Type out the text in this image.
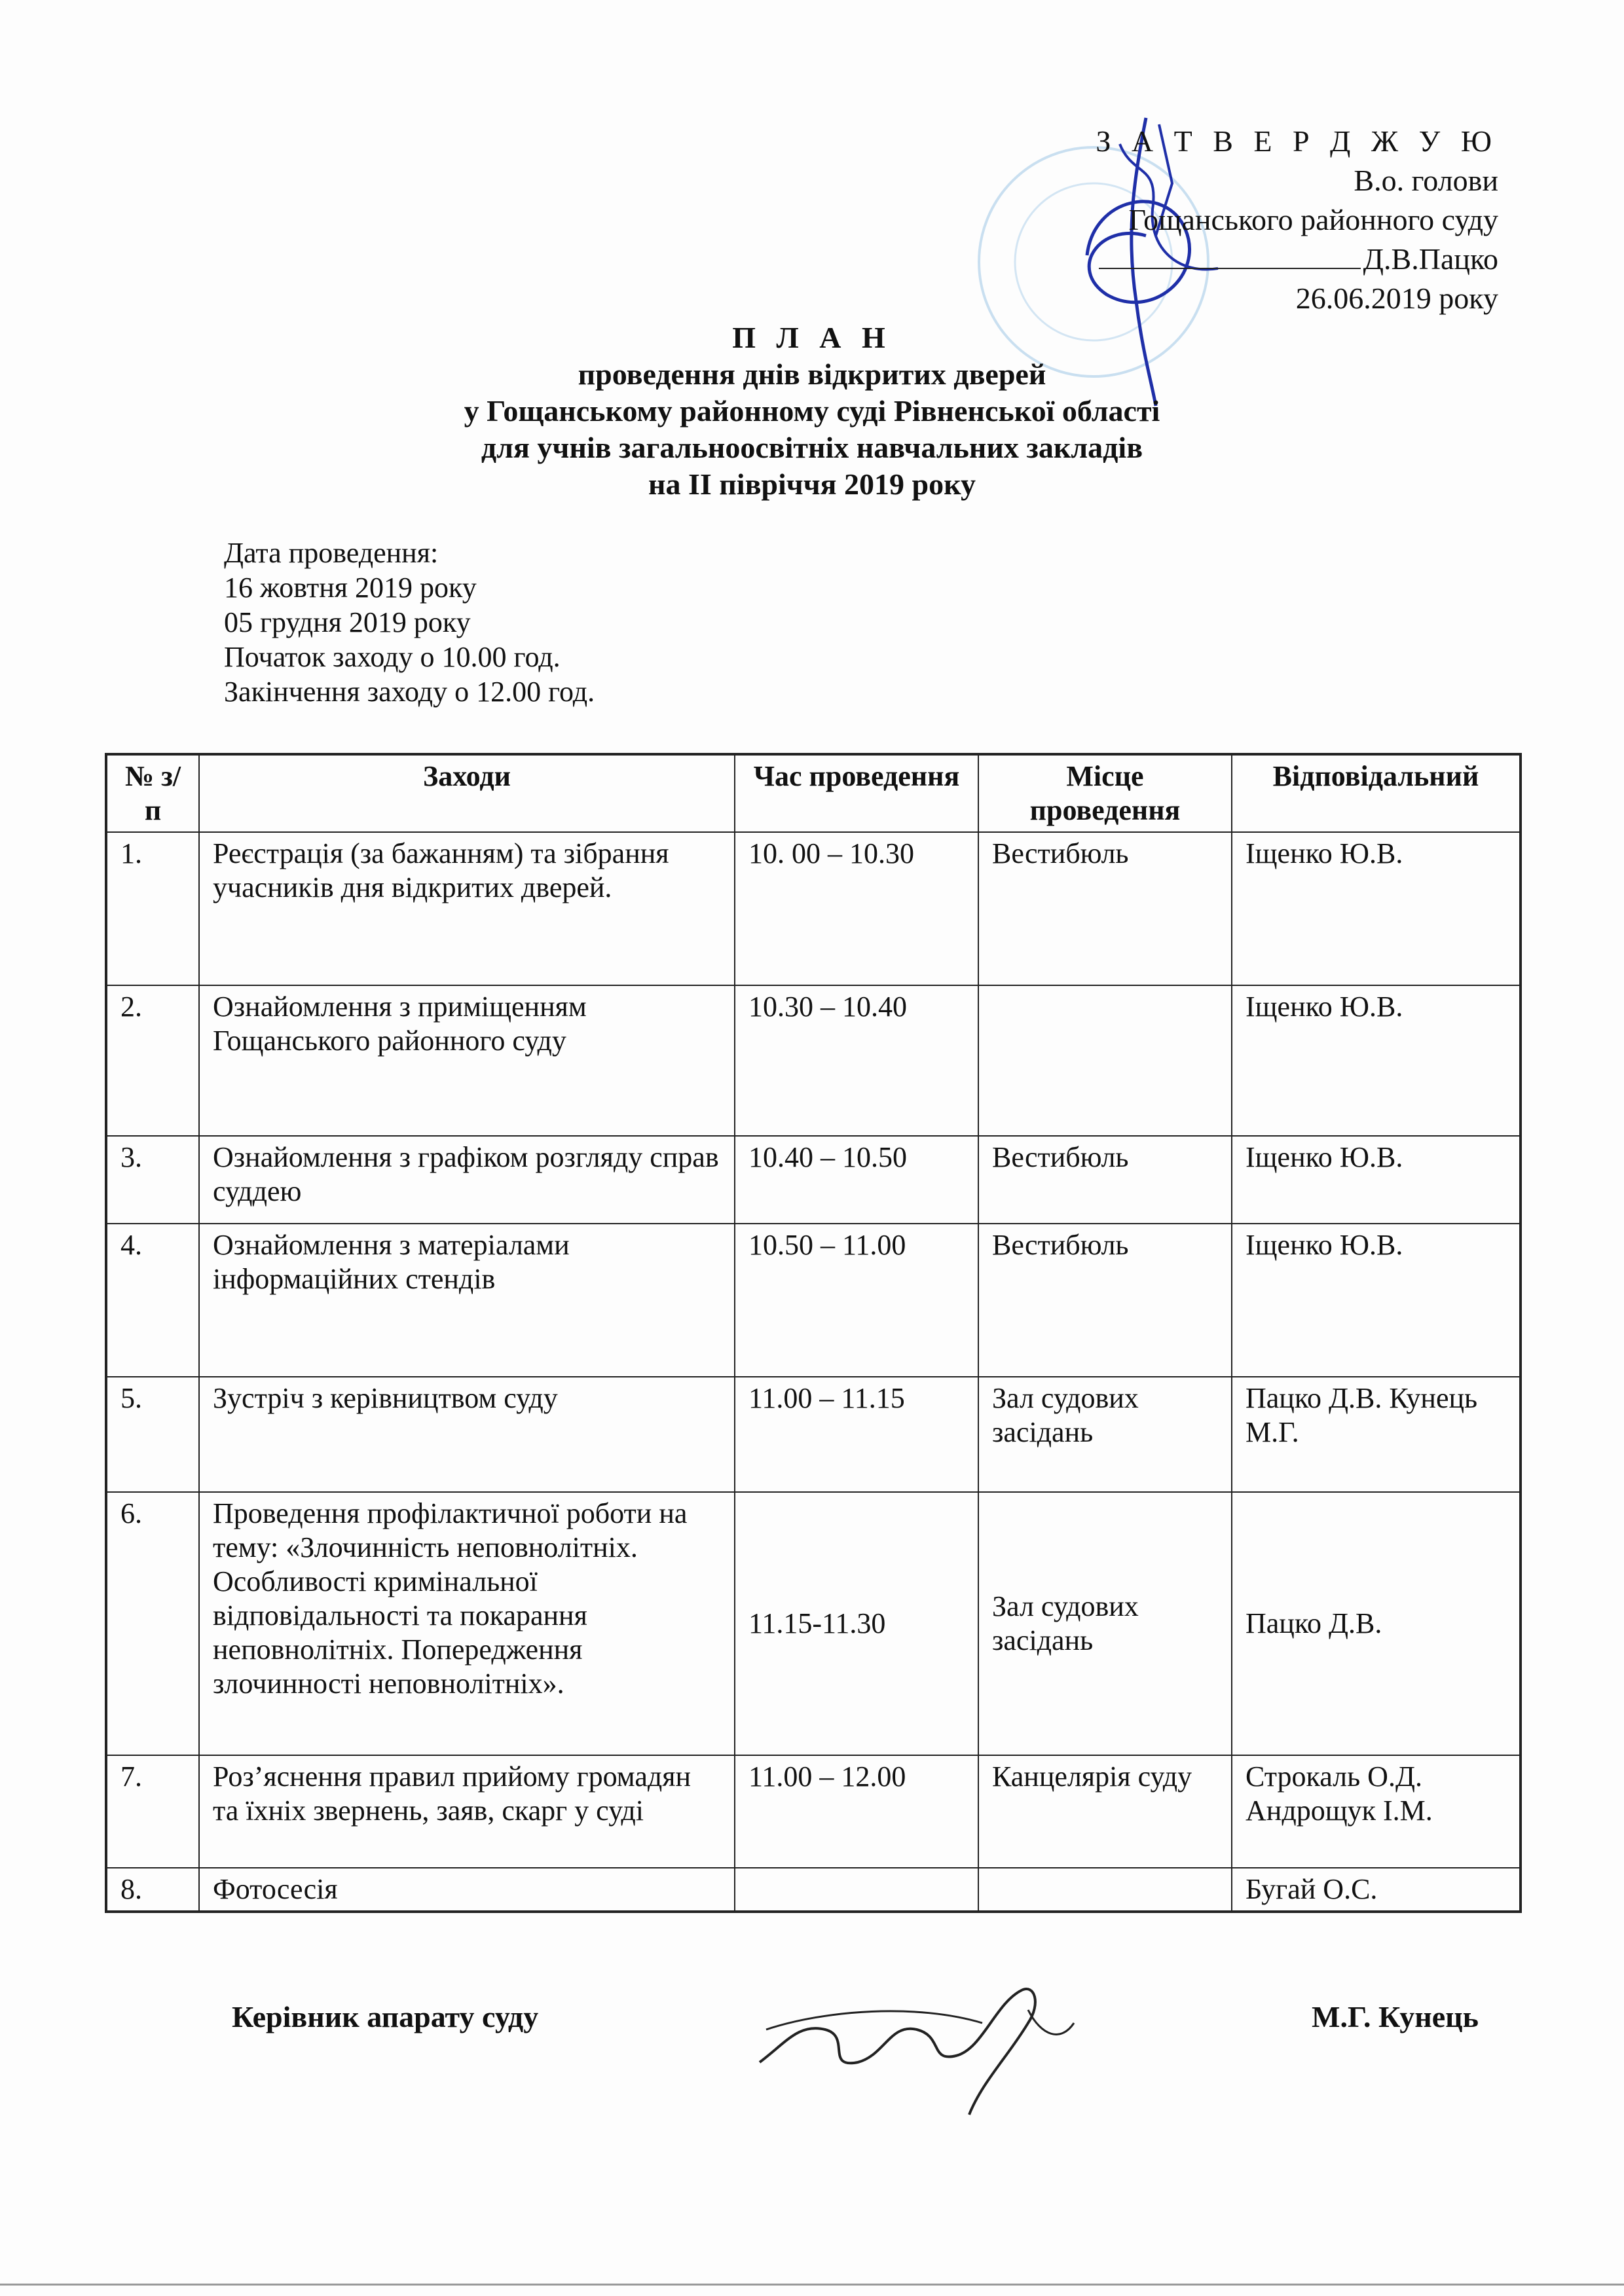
З А Т В Е Р Д Ж У Ю
В.о. голови
Гощанського районного суду
Д.В.Пацко
26.06.2019 року
П Л А Н
проведення днів відкритих дверей
у Гощанському районному суді Рівненської області
для учнів загальноосвітніх навчальних закладів
на ІІ півріччя 2019 року
Дата проведення:
16 жовтня 2019 року
05 грудня 2019 року
Початок заходу о 10.00 год.
Закінчення заходу о 12.00 год.
№ з/п	Заходи	Час проведення	Місце проведення	Відповідальний
1.	Реєстрація (за бажанням) та зібрання учасників дня відкритих дверей.	10. 00 – 10.30	Вестибюль	Іщенко Ю.В.
2.	Ознайомлення з приміщенням Гощанського районного суду	10.30 – 10.40		Іщенко Ю.В.
3.	Ознайомлення з графіком розгляду справ суддею	10.40 – 10.50	Вестибюль	Іщенко Ю.В.
4.	Ознайомлення з матеріалами інформаційних стендів	10.50 – 11.00	Вестибюль	Іщенко Ю.В.
5.	Зустріч з керівництвом суду	11.00 – 11.15	Зал судових засідань	Пацко Д.В. Кунець М.Г.
6.	Проведення профілактичної роботи на тему: «Злочинність неповнолітніх. Особливості кримінальної відповідальності та покарання неповнолітніх. Попередження злочинності неповнолітніх».	11.15-11.30	Зал судових засідань	Пацко Д.В.
7.	Роз’яснення правил прийому громадян та їхніх звернень, заяв, скарг у суді	11.00 – 12.00	Канцелярія суду	Строкаль О.Д. Андрощук І.М.
8.	Фотосесія			Бугай О.С.
Керівник апарату суду	М.Г. Кунець
